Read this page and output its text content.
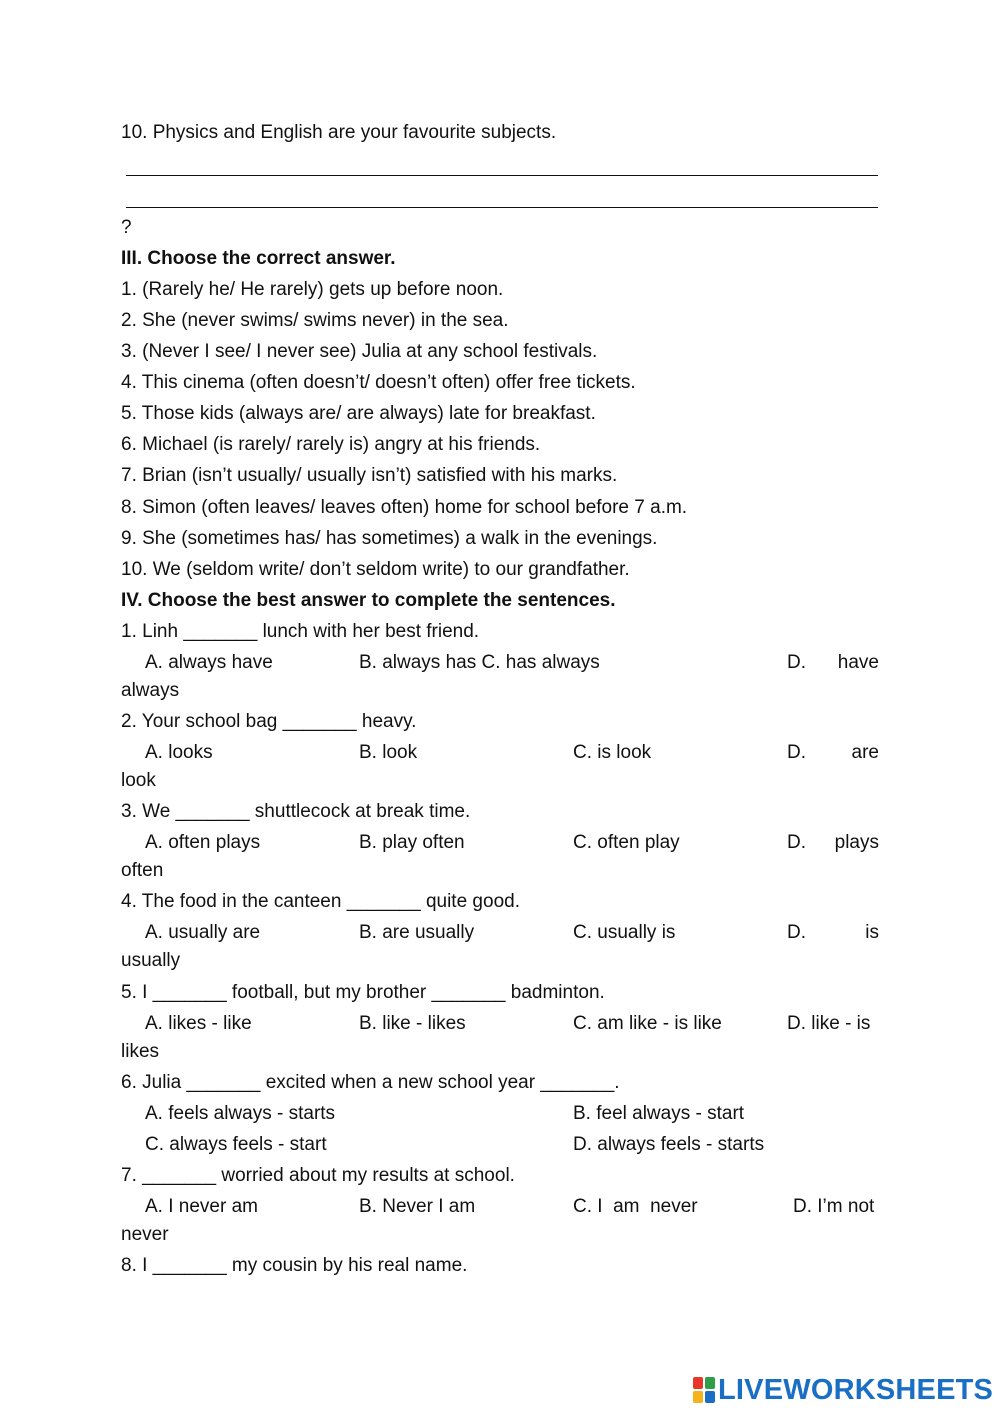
10. Physics and English are your favourite subjects.
?
III. Choose the correct answer.
1. (Rarely he/ He rarely) gets up before noon.
2. She (never swims/ swims never) in the sea.
3. (Never I see/ I never see) Julia at any school festivals.
4. This cinema (often doesn’t/ doesn’t often) offer free tickets.
5. Those kids (always are/ are always) late for breakfast.
6. Michael (is rarely/ rarely is) angry at his friends.
7. Brian (isn’t usually/ usually isn’t) satisfied with his marks.
8. Simon (often leaves/ leaves often) home for school before 7 a.m.
9. She (sometimes has/ has sometimes) a walk in the evenings.
10. We (seldom write/ don’t seldom write) to our grandfather.
IV. Choose the best answer to complete the sentences.
1. Linh _______ lunch with her best friend.
A. always have	B. always has C. has always	D. have
always
2. Your school bag _______ heavy.
A. looks	B. look	C. is look	D. are
look
3. We _______ shuttlecock at break time.
A. often plays	B. play often	C. often play	D. plays
often
4. The food in the canteen _______ quite good.
A. usually are	B. are usually	C. usually is	D.	is
usually
5. I _______ football, but my brother _______ badminton.
A. likes - like	B. like - likes	C. am like - is like	D. like - is
likes
6. Julia _______ excited when a new school year _______.
A. feels always - starts	B. feel always - start
C. always feels - start	D. always feels - starts
7. _______ worried about my results at school.
A. I never am	B. Never I am	C. I  am  never	D. I’m not
never
8. I _______ my cousin by his real name.
LIVEWORKSHEETS
